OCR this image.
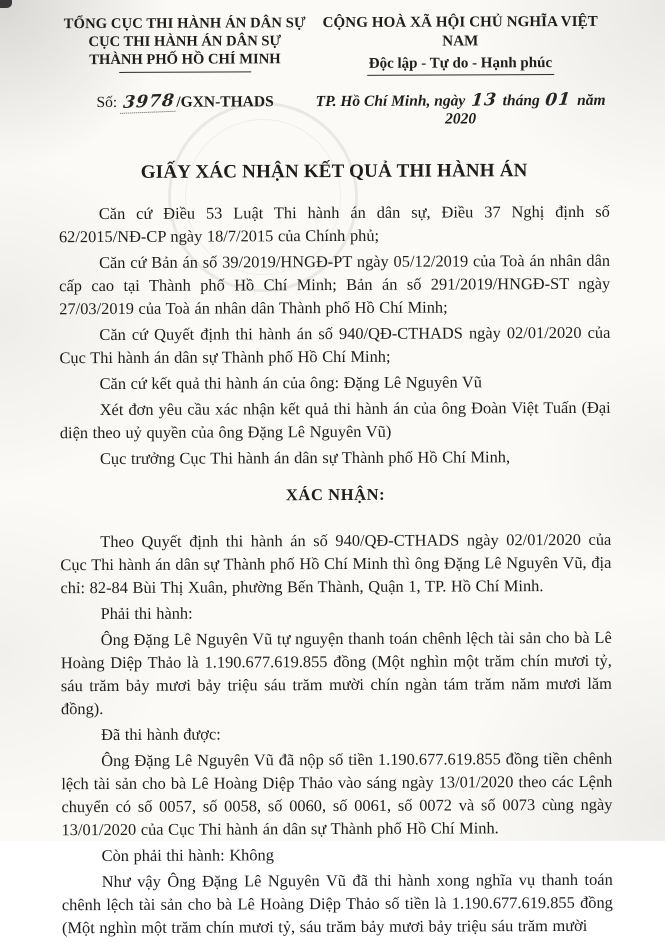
TỔNG CỤC THI HÀNH ÁN DÂN SỰ
CỤC THI HÀNH ÁN DÂN SỰ
THÀNH PHỐ HỒ CHÍ MINH
CỘNG HOÀ XÃ HỘI CHỦ NGHĨA VIỆT NAM
Độc lập - Tự do - Hạnh phúc
Số: 3978/GXN-THADS	TP. Hồ Chí Minh, ngày 13 tháng 01 năm 2020
GIẤY XÁC NHẬN KẾT QUẢ THI HÀNH ÁN

Căn cứ Điều 53 Luật Thi hành án dân sự, Điều 37 Nghị định số 62/2015/NĐ-CP ngày 18/7/2015 của Chính phủ;

Căn cứ Bản án số 39/2019/HNGĐ-PT ngày 05/12/2019 của Toà án nhân dân cấp cao tại Thành phố Hồ Chí Minh; Bản án số 291/2019/HNGĐ-ST ngày 27/03/2019 của Toà án nhân dân Thành phố Hồ Chí Minh;

Căn cứ Quyết định thi hành án số 940/QĐ-CTHADS ngày 02/01/2020 của Cục Thi hành án dân sự Thành phố Hồ Chí Minh;

Căn cứ kết quả thi hành án của ông: Đặng Lê Nguyên Vũ

Xét đơn yêu cầu xác nhận kết quả thi hành án của ông Đoàn Việt Tuấn (Đại diện theo uỷ quyền của ông Đặng Lê Nguyên Vũ)

Cục trưởng Cục Thi hành án dân sự Thành phố Hồ Chí Minh,

XÁC NHẬN:

Theo Quyết định thi hành án số 940/QĐ-CTHADS ngày 02/01/2020 của Cục Thi hành án dân sự Thành phố Hồ Chí Minh thì ông Đặng Lê Nguyên Vũ, địa chỉ: 82-84 Bùi Thị Xuân, phường Bến Thành, Quận 1, TP. Hồ Chí Minh.

Phải thi hành:

Ông Đặng Lê Nguyên Vũ tự nguyện thanh toán chênh lệch tài sản cho bà Lê Hoàng Diệp Thảo là 1.190.677.619.855 đồng (Một nghìn một trăm chín mươi tỷ, sáu trăm bảy mươi bảy triệu sáu trăm mười chín ngàn tám trăm năm mươi lăm đồng).

Đã thi hành được:

Ông Đặng Lê Nguyên Vũ đã nộp số tiền 1.190.677.619.855 đồng tiền chênh lệch tài sản cho bà Lê Hoàng Diệp Thảo vào sáng ngày 13/01/2020 theo các Lệnh chuyển có số 0057, số 0058, số 0060, số 0061, số 0072 và số 0073 cùng ngày 13/01/2020 của Cục Thi hành án dân sự Thành phố Hồ Chí Minh.

Còn phải thi hành: Không

Như vậy Ông Đặng Lê Nguyên Vũ đã thi hành xong nghĩa vụ thanh toán chênh lệch tài sản cho bà Lê Hoàng Diệp Thảo số tiền là 1.190.677.619.855 đồng (Một nghìn một trăm chín mươi tỷ, sáu trăm bảy mươi bảy triệu sáu trăm mười
